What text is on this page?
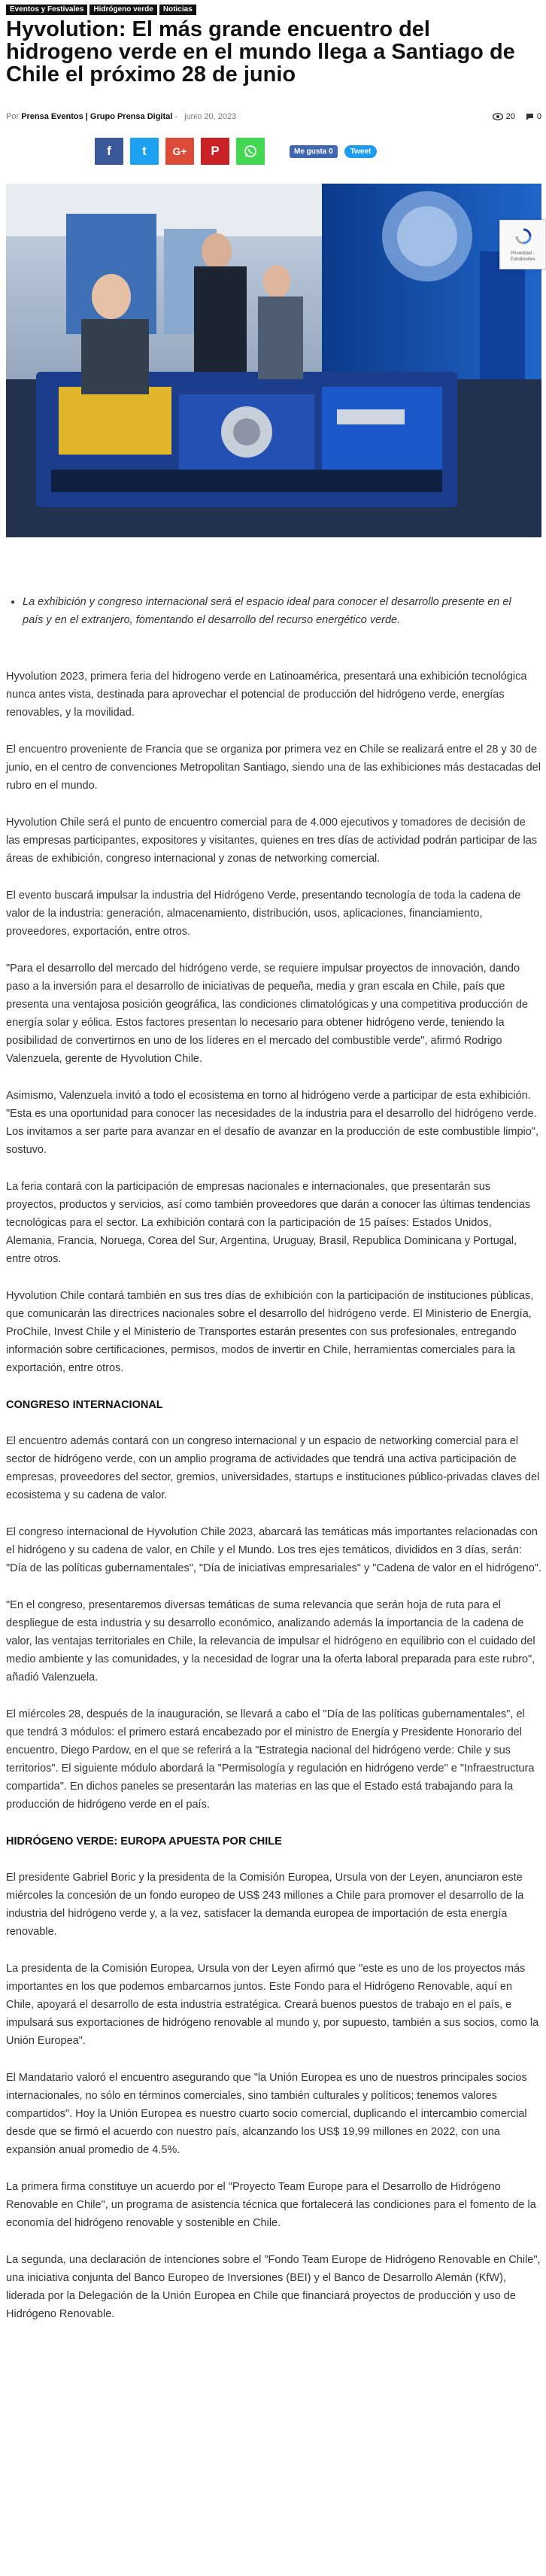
Eventos y Festivales	Hidrógeno verde	Noticias
Hyvolution: El más grande encuentro del hidrogeno verde en el mundo llega a Santiago de Chile el próximo 28 de junio
Por Prensa Eventos | Grupo Prensa Digital - junio 20, 2023	20	0
f t G+ P	Me gusta 0	Tweet
Privacidad - Condiciones
• La exhibición y congreso internacional será el espacio ideal para conocer el desarrollo presente en el país y en el extranjero, fomentando el desarrollo del recurso energético verde.

Hyvolution 2023, primera feria del hidrogeno verde en Latinoamérica, presentará una exhibición tecnológica nunca antes vista, destinada para aprovechar el potencial de producción del hidrógeno verde, energías renovables, y la movilidad.

El encuentro proveniente de Francia que se organiza por primera vez en Chile se realizará entre el 28 y 30 de junio, en el centro de convenciones Metropolitan Santiago, siendo una de las exhibiciones más destacadas del rubro en el mundo.

Hyvolution Chile será el punto de encuentro comercial para de 4.000 ejecutivos y tomadores de decisión de las empresas participantes, expositores y visitantes, quienes en tres días de actividad podrán participar de las áreas de exhibición, congreso internacional y zonas de networking comercial.

El evento buscará impulsar la industria del Hidrógeno Verde, presentando tecnología de toda la cadena de valor de la industria: generación, almacenamiento, distribución, usos, aplicaciones, financiamiento, proveedores, exportación, entre otros.

"Para el desarrollo del mercado del hidrógeno verde, se requiere impulsar proyectos de innovación, dando paso a la inversión para el desarrollo de iniciativas de pequeña, media y gran escala en Chile, país que presenta una ventajosa posición geográfica, las condiciones climatológicas y una competitiva producción de energía solar y eólica. Estos factores presentan lo necesario para obtener hidrógeno verde, teniendo la posibilidad de convertirnos en uno de los líderes en el mercado del combustible verde", afirmó Rodrigo Valenzuela, gerente de Hyvolution Chile.

Asimismo, Valenzuela invitó a todo el ecosistema en torno al hidrógeno verde a participar de esta exhibición. "Esta es una oportunidad para conocer las necesidades de la industria para el desarrollo del hidrógeno verde. Los invitamos a ser parte para avanzar en el desafío de avanzar en la producción de este combustible limpio", sostuvo.

La feria contará con la participación de empresas nacionales e internacionales, que presentarán sus proyectos, productos y servicios, así como también proveedores que darán a conocer las últimas tendencias tecnológicas para el sector. La exhibición contará con la participación de 15 países: Estados Unidos, Alemania, Francia, Noruega, Corea del Sur, Argentina, Uruguay, Brasil, Republica Dominicana y Portugal, entre otros.

Hyvolution Chile contará también en sus tres días de exhibición con la participación de instituciones públicas, que comunicarán las directrices nacionales sobre el desarrollo del hidrógeno verde. El Ministerio de Energía, ProChile, Invest Chile y el Ministerio de Transportes estarán presentes con sus profesionales, entregando información sobre certificaciones, permisos, modos de invertir en Chile, herramientas comerciales para la exportación, entre otros.

CONGRESO INTERNACIONAL

El encuentro además contará con un congreso internacional y un espacio de networking comercial para el sector de hidrógeno verde, con un amplio programa de actividades que tendrá una activa participación de empresas, proveedores del sector, gremios, universidades, startups e instituciones público-privadas claves del ecosistema y su cadena de valor.

El congreso internacional de Hyvolution Chile 2023, abarcará las temáticas más importantes relacionadas con el hidrógeno y su cadena de valor, en Chile y el Mundo. Los tres ejes temáticos, divididos en 3 días, serán: "Día de las políticas gubernamentales", "Día de iniciativas empresariales" y "Cadena de valor en el hidrógeno".

"En el congreso, presentaremos diversas temáticas de suma relevancia que serán hoja de ruta para el despliegue de esta industria y su desarrollo económico, analizando además la importancia de la cadena de valor, las ventajas territoriales en Chile, la relevancia de impulsar el hidrógeno en equilibrio con el cuidado del medio ambiente y las comunidades, y la necesidad de lograr una la oferta laboral preparada para este rubro", añadió Valenzuela.

El miércoles 28, después de la inauguración, se llevará a cabo el "Día de las políticas gubernamentales", el que tendrá 3 módulos: el primero estará encabezado por el ministro de Energía y Presidente Honorario del encuentro, Diego Pardow, en el que se referirá a la "Estrategia nacional del hidrógeno verde: Chile y sus territorios". El siguiente módulo abordará la "Permisología y regulación en hidrógeno verde" e "Infraestructura compartida". En dichos paneles se presentarán las materias en las que el Estado está trabajando para la producción de hidrógeno verde en el país.

HIDRÓGENO VERDE: EUROPA APUESTA POR CHILE

El presidente Gabriel Boric y la presidenta de la Comisión Europea, Ursula von der Leyen, anunciaron este miércoles la concesión de un fondo europeo de US$ 243 millones a Chile para promover el desarrollo de la industria del hidrógeno verde y, a la vez, satisfacer la demanda europea de importación de esta energía renovable.

La presidenta de la Comisión Europea, Ursula von der Leyen afirmó que "este es uno de los proyectos más importantes en los que podemos embarcarnos juntos. Este Fondo para el Hidrógeno Renovable, aquí en Chile, apoyará el desarrollo de esta industria estratégica. Creará buenos puestos de trabajo en el país, e impulsará sus exportaciones de hidrógeno renovable al mundo y, por supuesto, también a sus socios, como la Unión Europea".

El Mandatario valoró el encuentro asegurando que "la Unión Europea es uno de nuestros principales socios internacionales, no sólo en términos comerciales, sino también culturales y políticos; tenemos valores compartidos". Hoy la Unión Europea es nuestro cuarto socio comercial, duplicando el intercambio comercial desde que se firmó el acuerdo con nuestro país, alcanzando los US$ 19,99 millones en 2022, con una expansión anual promedio de 4.5%.

La primera firma constituye un acuerdo por el "Proyecto Team Europe para el Desarrollo de Hidrógeno Renovable en Chile", un programa de asistencia técnica que fortalecerá las condiciones para el fomento de la economía del hidrógeno renovable y sostenible en Chile.

La segunda, una declaración de intenciones sobre el "Fondo Team Europe de Hidrógeno Renovable en Chile", una iniciativa conjunta del Banco Europeo de Inversiones (BEI) y el Banco de Desarrollo Alemán (KfW), liderada por la Delegación de la Unión Europea en Chile que financiará proyectos de producción y uso de Hidrógeno Renovable.
